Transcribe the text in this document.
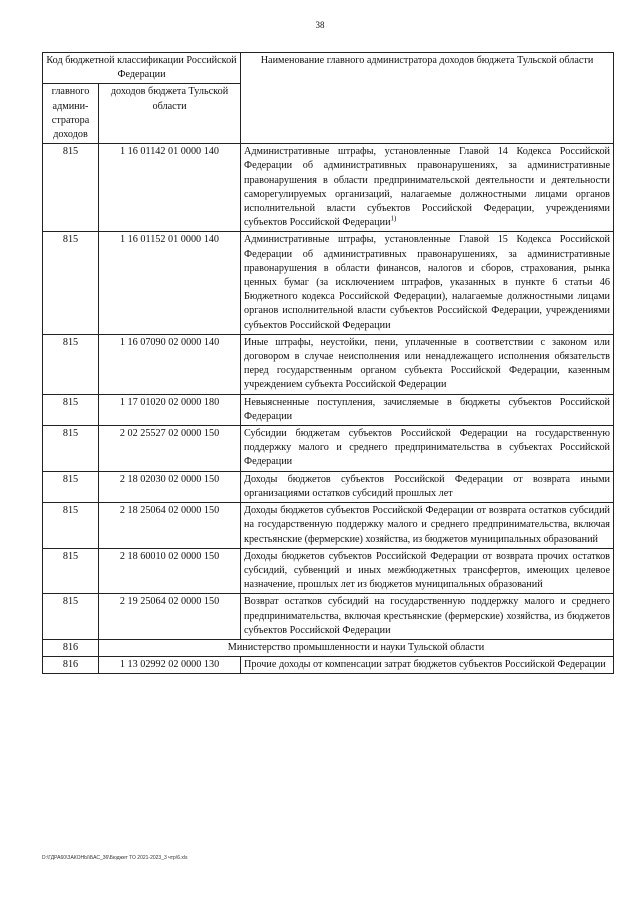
38
Код бюджетной классификации Российской Федерации		Наименование главного администратора доходов бюджета Тульской области
главного админи-стратора доходов	доходов бюджета Тульской области	
815	1 16 01142 01 0000 140	Административные штрафы, установленные Главой 14 Кодекса Российской Федерации об административных правонарушениях, за административные правонарушения в области предпринимательской деятельности и деятельности саморегулируемых организаций, налагаемые должностными лицами органов исполнительной власти субъектов Российской Федерации, учреждениями субъектов Российской Федерации$^{1)}$
815	1 16 01152 01 0000 140	Административные штрафы, установленные Главой 15 Кодекса Российской Федерации об административных правонарушениях, за административные правонарушения в области финансов, налогов и сборов, страхования, рынка ценных бумаг (за исключением штрафов, указанных в пункте 6 статьи 46 Бюджетного кодекса Российской Федерации), налагаемые должностными лицами органов исполнительной власти субъектов Российской Федерации, учреждениями субъектов Российской Федерации
815	1 16 07090 02 0000 140	Иные штрафы, неустойки, пени, уплаченные в соответствии с законом или договором в случае неисполнения или ненадлежащего исполнения обязательств перед государственным органом субъекта Российской Федерации, казенным учреждением субъекта Российской Федерации
815	1 17 01020 02 0000 180	Невыясненные поступления, зачисляемые в бюджеты субъектов Российской Федерации
815	2 02 25527 02 0000 150	Субсидии бюджетам субъектов Российской Федерации на государственную поддержку малого и среднего предпринимательства в субъектах Российской Федерации
815	2 18 02030 02 0000 150	Доходы бюджетов субъектов Российской Федерации от возврата иными организациями остатков субсидий прошлых лет
815	2 18 25064 02 0000 150	Доходы бюджетов субъектов Российской Федерации от возврата остатков субсидий на государственную поддержку малого и среднего предпринимательства, включая крестьянские (фермерские) хозяйства, из бюджетов муниципальных образований
815	2 18 60010 02 0000 150	Доходы бюджетов субъектов Российской Федерации от возврата прочих остатков субсидий, субвенций и иных межбюджетных трансфертов, имеющих целевое назначение, прошлых лет из бюджетов муниципальных образований
815	2 19 25064 02 0000 150	Возврат остатков субсидий на государственную поддержку малого и среднего предпринимательства, включая крестьянские (фермерские) хозяйства, из бюджетов субъектов Российской Федерации
816	Министерство промышленности и науки Тульской области	
816	1 13 02992 02 0000 130	Прочие доходы от компенсации затрат бюджетов субъектов Российской Федерации
D:\ГДРА60\ЗАКОНЫ\БАС_36\Бюджет ТО 2021-2023_3 чтр\6.xls
